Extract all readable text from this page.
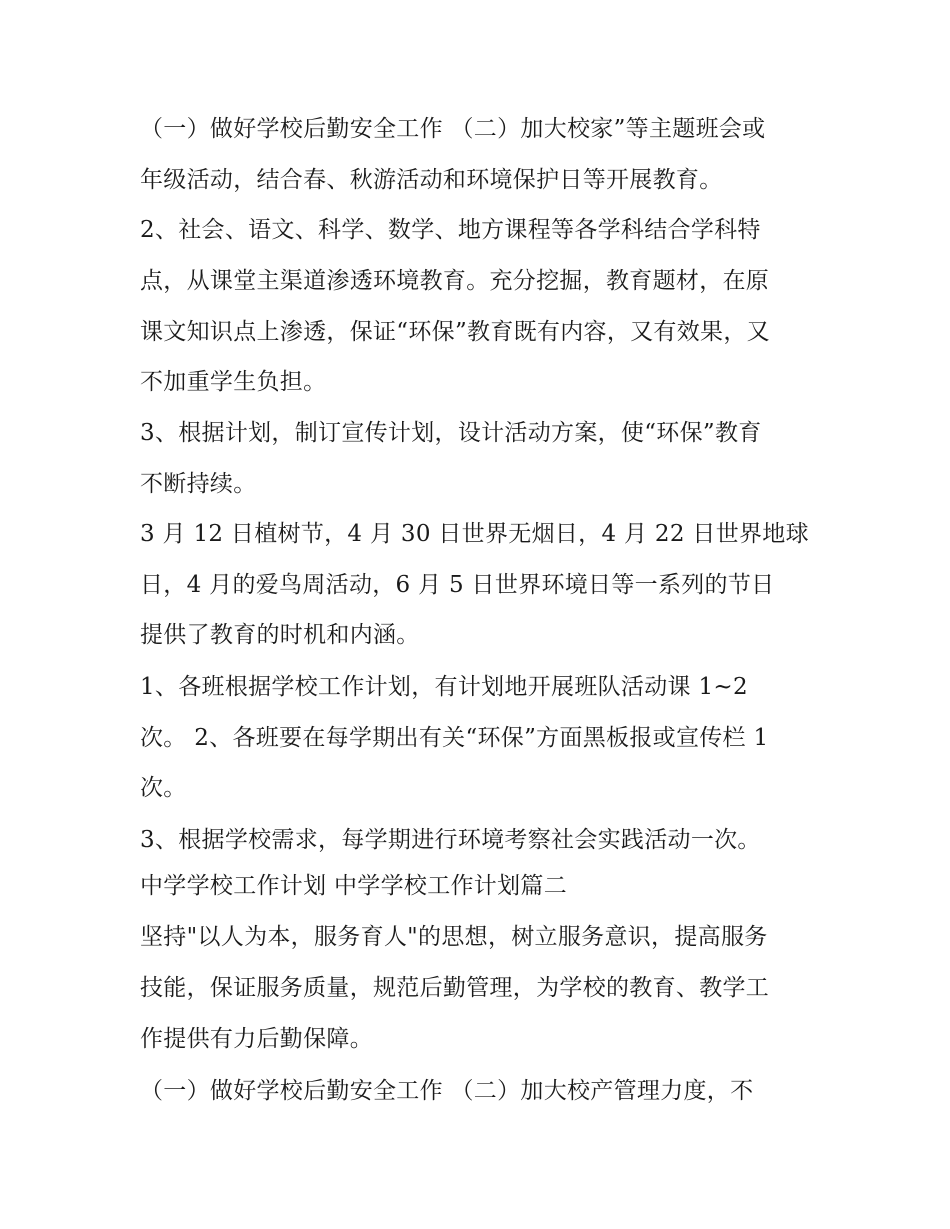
（一）做好学校后勤安全工作 （二）加大校家”等主题班会或

年级活动，结合春、秋游活动和环境保护日等开展教育。

2、社会、语文、科学、数学、地方课程等各学科结合学科特

点，从课堂主渠道渗透环境教育。充分挖掘，教育题材，在原

课文知识点上渗透，保证“环保”教育既有内容，又有效果，又

不加重学生负担。

3、根据计划，制订宣传计划，设计活动方案，使“环保”教育

不断持续。

3 月 12 日植树节，4 月 30 日世界无烟日，4 月 22 日世界地球

日，4 月的爱鸟周活动，6 月 5 日世界环境日等一系列的节日

提供了教育的时机和内涵。

1、各班根据学校工作计划，有计划地开展班队活动课 1~2

次。 2、各班要在每学期出有关“环保”方面黑板报或宣传栏 1

次。

3、根据学校需求，每学期进行环境考察社会实践活动一次。

中学学校工作计划 中学学校工作计划篇二

坚持"以人为本，服务育人"的思想，树立服务意识，提高服务

技能，保证服务质量，规范后勤管理，为学校的教育、教学工

作提供有力后勤保障。

（一）做好学校后勤安全工作 （二）加大校产管理力度，不
